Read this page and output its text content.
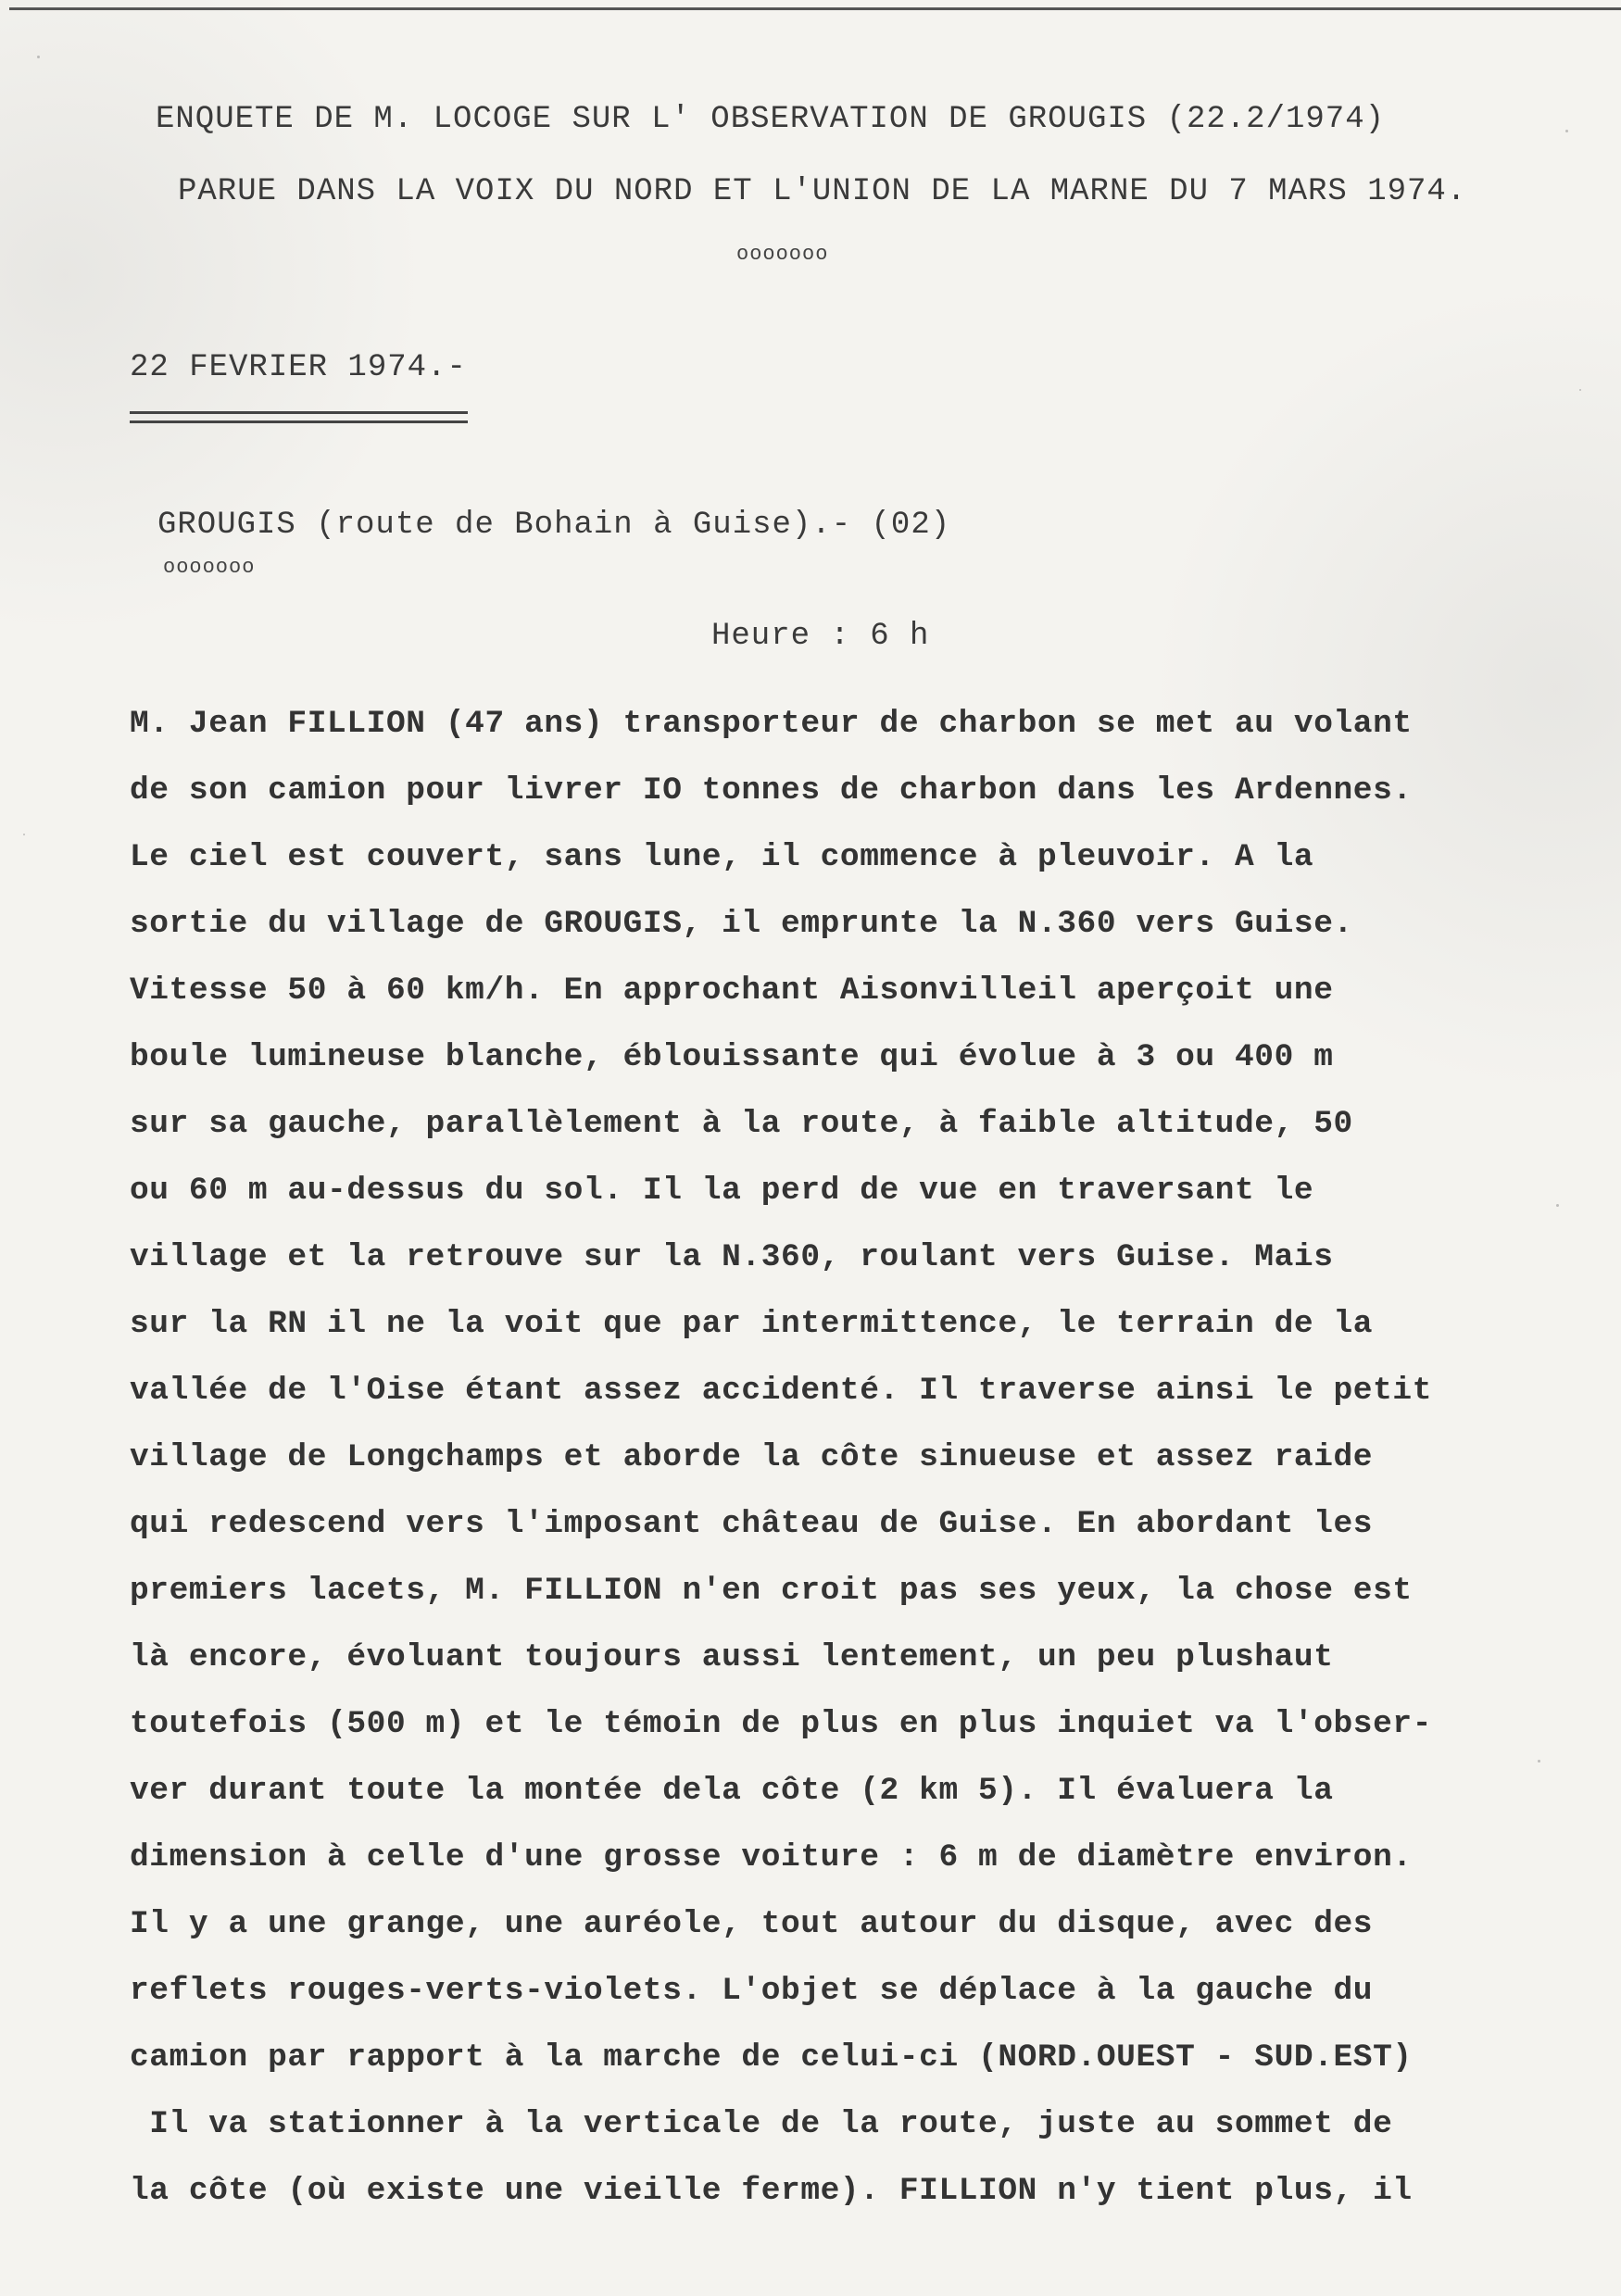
ENQUETE DE M. LOCOGE SUR L' OBSERVATION DE GROUGIS (22.2/1974)
PARUE DANS LA VOIX DU NORD ET L'UNION DE LA MARNE DU 7 MARS 1974.
ooooooo
22 FEVRIER 1974.-
GROUGIS (route de Bohain à Guise).- (02)
ooooooo
Heure : 6 h
M. Jean FILLION (47 ans) transporteur de charbon se met au volant
de son camion pour livrer IO tonnes de charbon dans les Ardennes.
Le ciel est couvert, sans lune, il commence à pleuvoir. A la
sortie du village de GROUGIS, il emprunte la N.360 vers Guise.
Vitesse 50 à 60 km/h. En approchant Aisonvilleil aperçoit une
boule lumineuse blanche, éblouissante qui évolue à 3 ou 400 m
sur sa gauche, parallèlement à la route, à faible altitude, 50
ou 60 m au-dessus du sol. Il la perd de vue en traversant le
village et la retrouve sur la N.360, roulant vers Guise. Mais
sur la RN il ne la voit que par intermittence, le terrain de la
vallée de l'Oise étant assez accidenté. Il traverse ainsi le petit
village de Longchamps et aborde la côte sinueuse et assez raide
qui redescend vers l'imposant château de Guise. En abordant les
premiers lacets, M. FILLION n'en croit pas ses yeux, la chose est
là encore, évoluant toujours aussi lentement, un peu plushaut
toutefois (500 m) et le témoin de plus en plus inquiet va l'obser-
ver durant toute la montée dela côte (2 km 5). Il évaluera la
dimension à celle d'une grosse voiture : 6 m de diamètre environ.
Il y a une grange, une auréole, tout autour du disque, avec des
reflets rouges-verts-violets. L'objet se déplace à la gauche du
camion par rapport à la marche de celui-ci (NORD.OUEST - SUD.EST)
Il va stationner à la verticale de la route, juste au sommet de
la côte (où existe une vieille ferme). FILLION n'y tient plus, il
